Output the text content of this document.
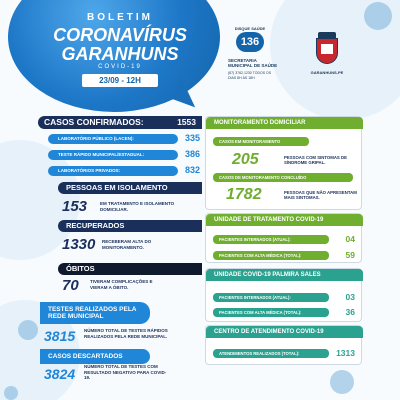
BOLETIM
CORONAVÍRUS
GARANHUNS
COVID-19
23/09 - 12H
DISQUE SAÚDE
136
SECRETARIA MUNICIPAL DE SAÚDE
(87) 3762.1230 TODOS OS DIAS 8H ÀS 18H
GARANHUNS-PE
CASOS CONFIRMADOS:	1553
LABORATÓRIO PÚBLICO (LACEN):	335
TESTE RÁPIDO MUNICIPAL/ESTADUAL:	386
LABORATÓRIOS PRIVADOS:	832
PESSOAS EM ISOLAMENTO
153	EM TRATAMENTO E ISOLAMENTO DOMICILIAR.
RECUPERADOS
1330 RECEBERAM ALTA DO MONITORAMENTO.
ÓBITOS
70	TIVERAM COMPLICAÇÕES E VIERAM A ÓBITO.
TESTES REALIZADOS PELA REDE MUNICIPAL
3815 NÚMERO TOTAL DE TESTES RÁPIDOS REALIZADOS PELA REDE MUNICIPAL.
CASOS DESCARTADOS
3824 NÚMERO TOTAL DE TESTES COM RESULTADO NEGATIVO PARA COVID-19.
MONITORAMENTO DOMICILIAR
CASOS EM MONITORAMENTO
205	PESSOAS COM SINTOMAS DE SÍNDROME GRIPAL.
CASOS DE MONITORAMENTO CONCLUÍDO
1782	PESSOAS QUE NÃO APRESENTAM MAIS SINTOMAS.
UNIDADE DE TRATAMENTO COVID-19
PACIENTES INTERNADOS (ATUAL):	04
PACIENTES COM ALTA MÉDICA (TOTAL):	59
UNIDADE COVID-19 PALMIRA SALES
PACIENTES INTERNADOS (ATUAL):	03
PACIENTES COM ALTA MÉDICA (TOTAL):	36
CENTRO DE ATENDIMENTO COVID-19
ATENDIMENTOS REALIZADOS (TOTAL):	1313
